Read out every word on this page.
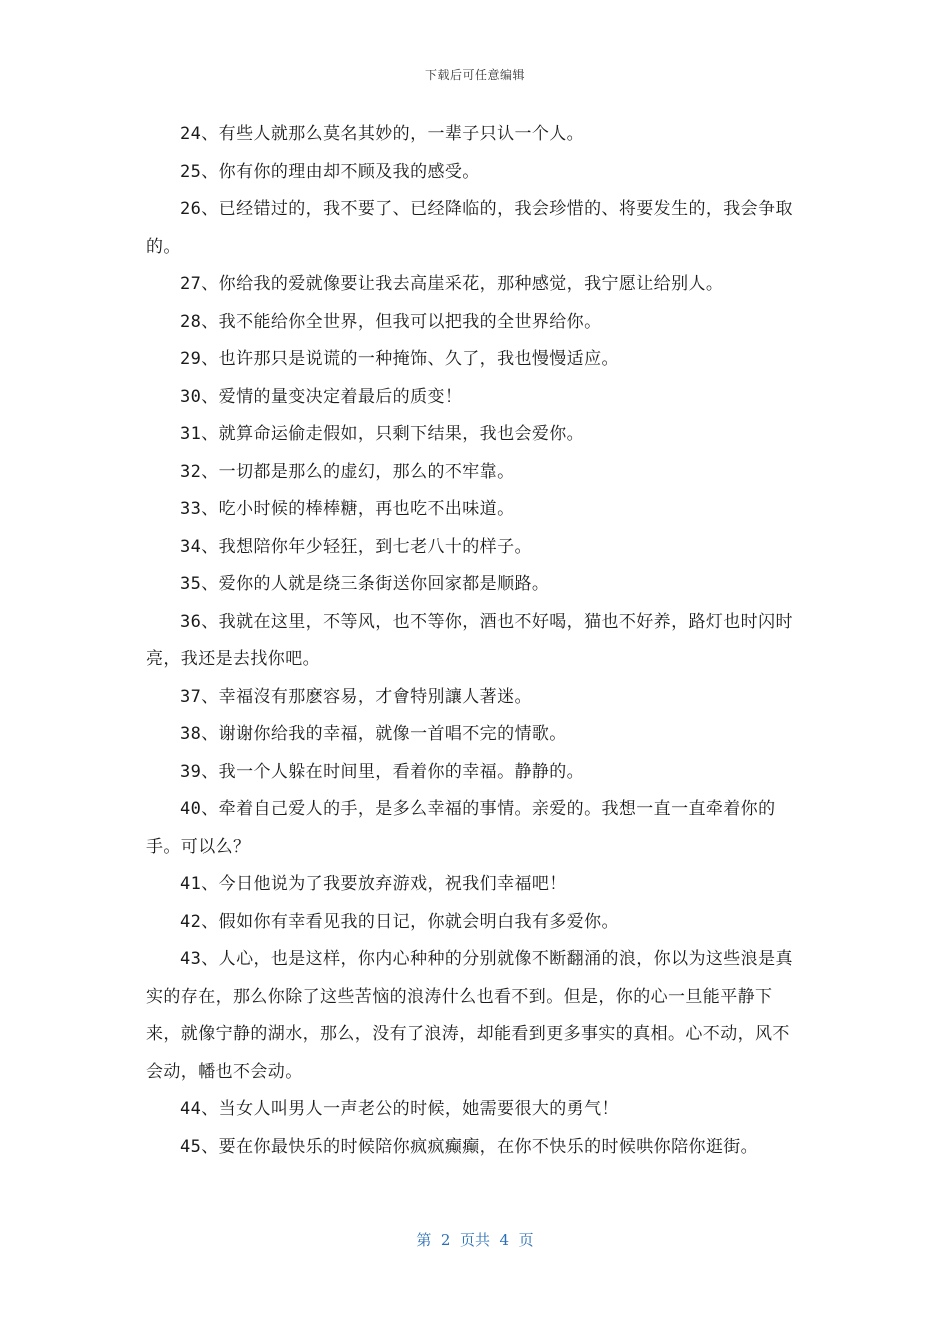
下载后可任意编辑

24、有些人就那么莫名其妙的，一辈子只认一个人。

25、你有你的理由却不顾及我的感受。

26、已经错过的，我不要了、已经降临的，我会珍惜的、将要发生的，我会争取的。

27、你给我的爱就像要让我去高崖采花，那种感觉，我宁愿让给别人。

28、我不能给你全世界，但我可以把我的全世界给你。

29、也许那只是说谎的一种掩饰、久了，我也慢慢适应。

30、爱情的量变决定着最后的质变！

31、就算命运偷走假如，只剩下结果，我也会爱你。

32、一切都是那么的虚幻，那么的不牢靠。

33、吃小时候的棒棒糖，再也吃不出味道。

34、我想陪你年少轻狂，到七老八十的样子。

35、爱你的人就是绕三条街送你回家都是顺路。

36、我就在这里，不等风，也不等你，酒也不好喝，猫也不好养，路灯也时闪时亮，我还是去找你吧。

37、幸福沒有那麽容易，才會特別讓人著迷。

38、谢谢你给我的幸福，就像一首唱不完的情歌。

39、我一个人躲在时间里，看着你的幸福。静静的。

40、牵着自己爱人的手，是多么幸福的事情。亲爱的。我想一直一直牵着你的手。可以么？

41、今日他说为了我要放弃游戏，祝我们幸福吧！

42、假如你有幸看见我的日记，你就会明白我有多爱你。

43、人心，也是这样，你内心种种的分别就像不断翻涌的浪，你以为这些浪是真实的存在，那么你除了这些苦恼的浪涛什么也看不到。但是，你的心一旦能平静下来，就像宁静的湖水，那么，没有了浪涛，却能看到更多事实的真相。心不动，风不会动，幡也不会动。

44、当女人叫男人一声老公的时候，她需要很大的勇气！

45、要在你最快乐的时候陪你疯疯癫癫，在你不快乐的时候哄你陪你逛街。

第  2  页共  4  页
